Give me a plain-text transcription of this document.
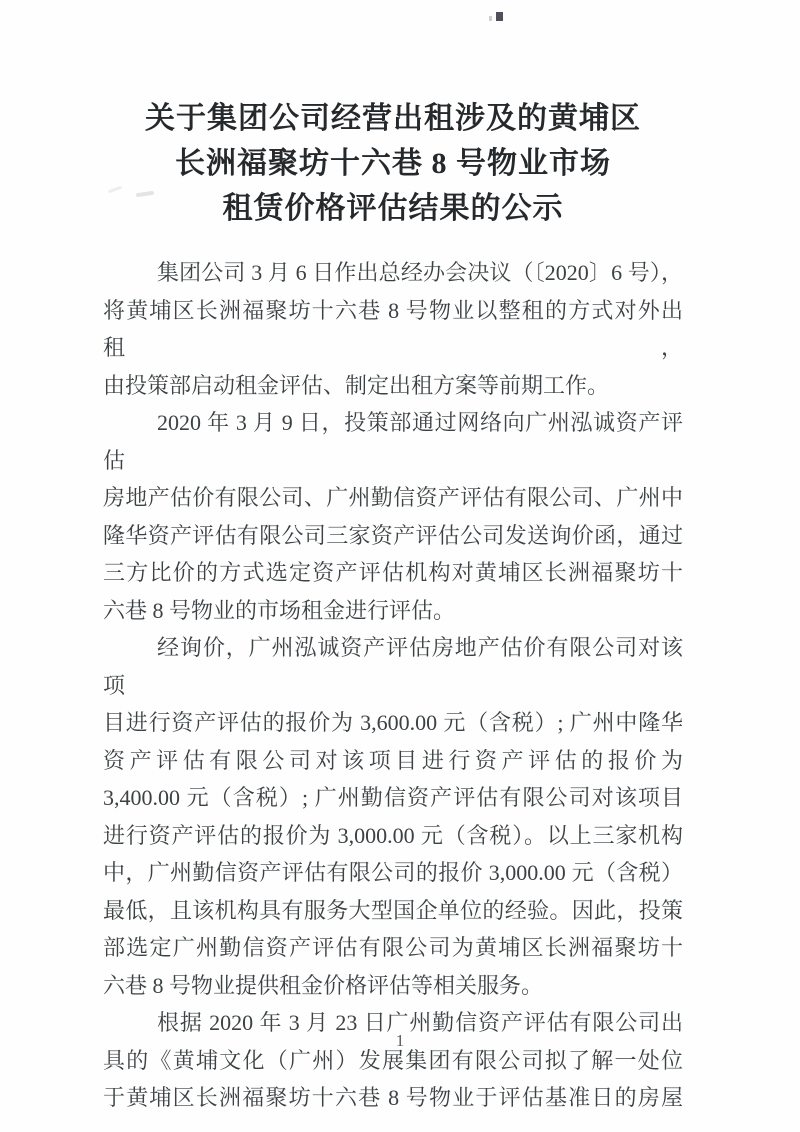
关于集团公司经营出租涉及的黄埔区
长洲福聚坊十六巷 8 号物业市场
租赁价格评估结果的公示
集团公司 3 月 6 日作出总经办会决议（〔2020〕6 号），
将黄埔区长洲福聚坊十六巷 8 号物业以整租的方式对外出租，
由投策部启动租金评估、制定出租方案等前期工作。
2020 年 3 月 9 日，投策部通过网络向广州泓诚资产评估
房地产估价有限公司、广州勤信资产评估有限公司、广州中
隆华资产评估有限公司三家资产评估公司发送询价函，通过
三方比价的方式选定资产评估机构对黄埔区长洲福聚坊十
六巷 8 号物业的市场租金进行评估。
经询价，广州泓诚资产评估房地产估价有限公司对该项
目进行资产评估的报价为 3,600.00 元（含税）; 广州中隆华
资产评估有限公司对该项目进行资产评估的报价为
3,400.00 元（含税）; 广州勤信资产评估有限公司对该项目
进行资产评估的报价为 3,000.00 元（含税）。以上三家机构
中，广州勤信资产评估有限公司的报价 3,000.00 元（含税）
最低，且该机构具有服务大型国企单位的经验。因此，投策
部选定广州勤信资产评估有限公司为黄埔区长洲福聚坊十
六巷 8 号物业提供租金价格评估等相关服务。
根据 2020 年 3 月 23 日广州勤信资产评估有限公司出
具的《黄埔文化（广州）发展集团有限公司拟了解一处位
于黄埔区长洲福聚坊十六巷 8 号物业于评估基准日的房屋
1
